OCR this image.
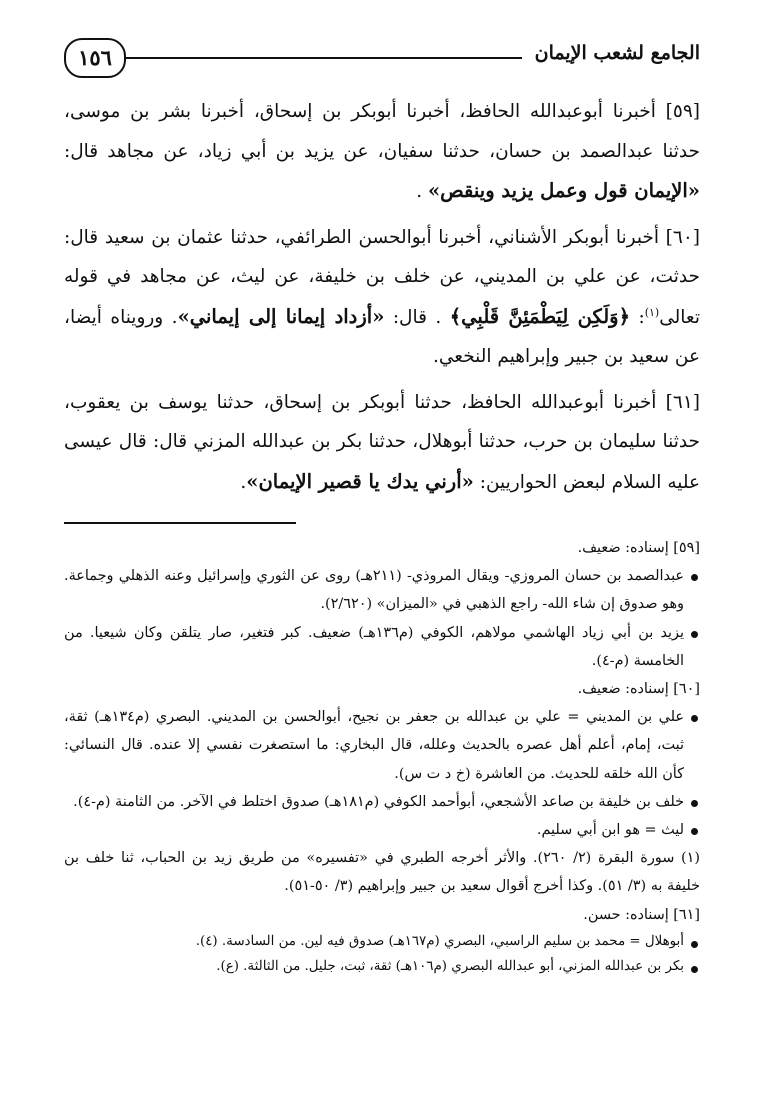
١٥٦	الجامع لشعب الإيمان

[٥٩] أخبرنا أبوعبدالله الحافظ، أخبرنا أبوبكر بن إسحاق، أخبرنا بشر بن موسى، حدثنا عبدالصمد بن حسان، حدثنا سفيان، عن يزيد بن أبي زياد، عن مجاهد قال: «الإيمان قول وعمل يزيد وينقص» .

[٦٠] أخبرنا أبوبكر الأشناني، أخبرنا أبوالحسن الطرائفي، حدثنا عثمان بن سعيد قال: حدثت، عن علي بن المديني، عن خلف بن خليفة، عن ليث، عن مجاهد في قوله تعالى$^{(١)}$: ﴿وَلَكِن لِيَطْمَئِنَّ قَلْبِي﴾ . قال: «أزداد إيمانا إلى إيماني». ورويناه أيضا، عن سعيد بن جبير وإبراهيم النخعي.

[٦١] أخبرنا أبوعبدالله الحافظ، حدثنا أبوبكر بن إسحاق، حدثنا يوسف بن يعقوب، حدثنا سليمان بن حرب، حدثنا أبوهلال، حدثنا بكر بن عبدالله المزني قال: قال عيسى عليه السلام لبعض الحواريين: «أرني يدك يا قصير الإيمان».

[٥٩] إسناده: ضعيف.

عبدالصمد بن حسان المروزي- ويقال المروذي- (٢١١هـ) روى عن الثوري وإسرائيل وعنه الذهلي وجماعة. وهو صدوق إن شاء الله- راجع الذهبي في «الميزان» (٢/٦٢٠).
يزيد بن أبي زياد الهاشمي مولاهم، الكوفي (م١٣٦هـ) ضعيف. كبر فتغير، صار يتلقن وكان شيعيا. من الخامسة (م-٤).

[٦٠] إسناده: ضعيف.

علي بن المديني = علي بن عبدالله بن جعفر بن نجيح، أبوالحسن بن المديني. البصري (م١٣٤هـ) ثقة، ثبت، إمام، أعلم أهل عصره بالحديث وعلله، قال البخاري: ما استصغرت نفسي إلا عنده. قال النسائي: كأن الله خلقه للحديث. من العاشرة (خ د ت س).
خلف بن خليفة بن صاعد الأشجعي، أبوأحمد الكوفي (م١٨١هـ) صدوق اختلط في الآخر. من الثامنة (م-٤).
ليث = هو ابن أبي سليم.

(١) سورة البقرة (٢/ ٢٦٠). والأثر أخرجه الطبري في «تفسيره» من طريق زيد بن الحباب، ثنا خلف بن خليفة به (٣/ ٥١). وكذا أخرج أقوال سعيد بن جبير وإبراهيم (٣/ ٥٠-٥١).

[٦١] إسناده: حسن.

أبوهلال = محمد بن سليم الراسبي، البصري (م١٦٧هـ) صدوق فيه لين. من السادسة. (٤).
بكر بن عبدالله المزني، أبو عبدالله البصري (م١٠٦هـ) ثقة، ثبت، جليل. من الثالثة. (ع).
